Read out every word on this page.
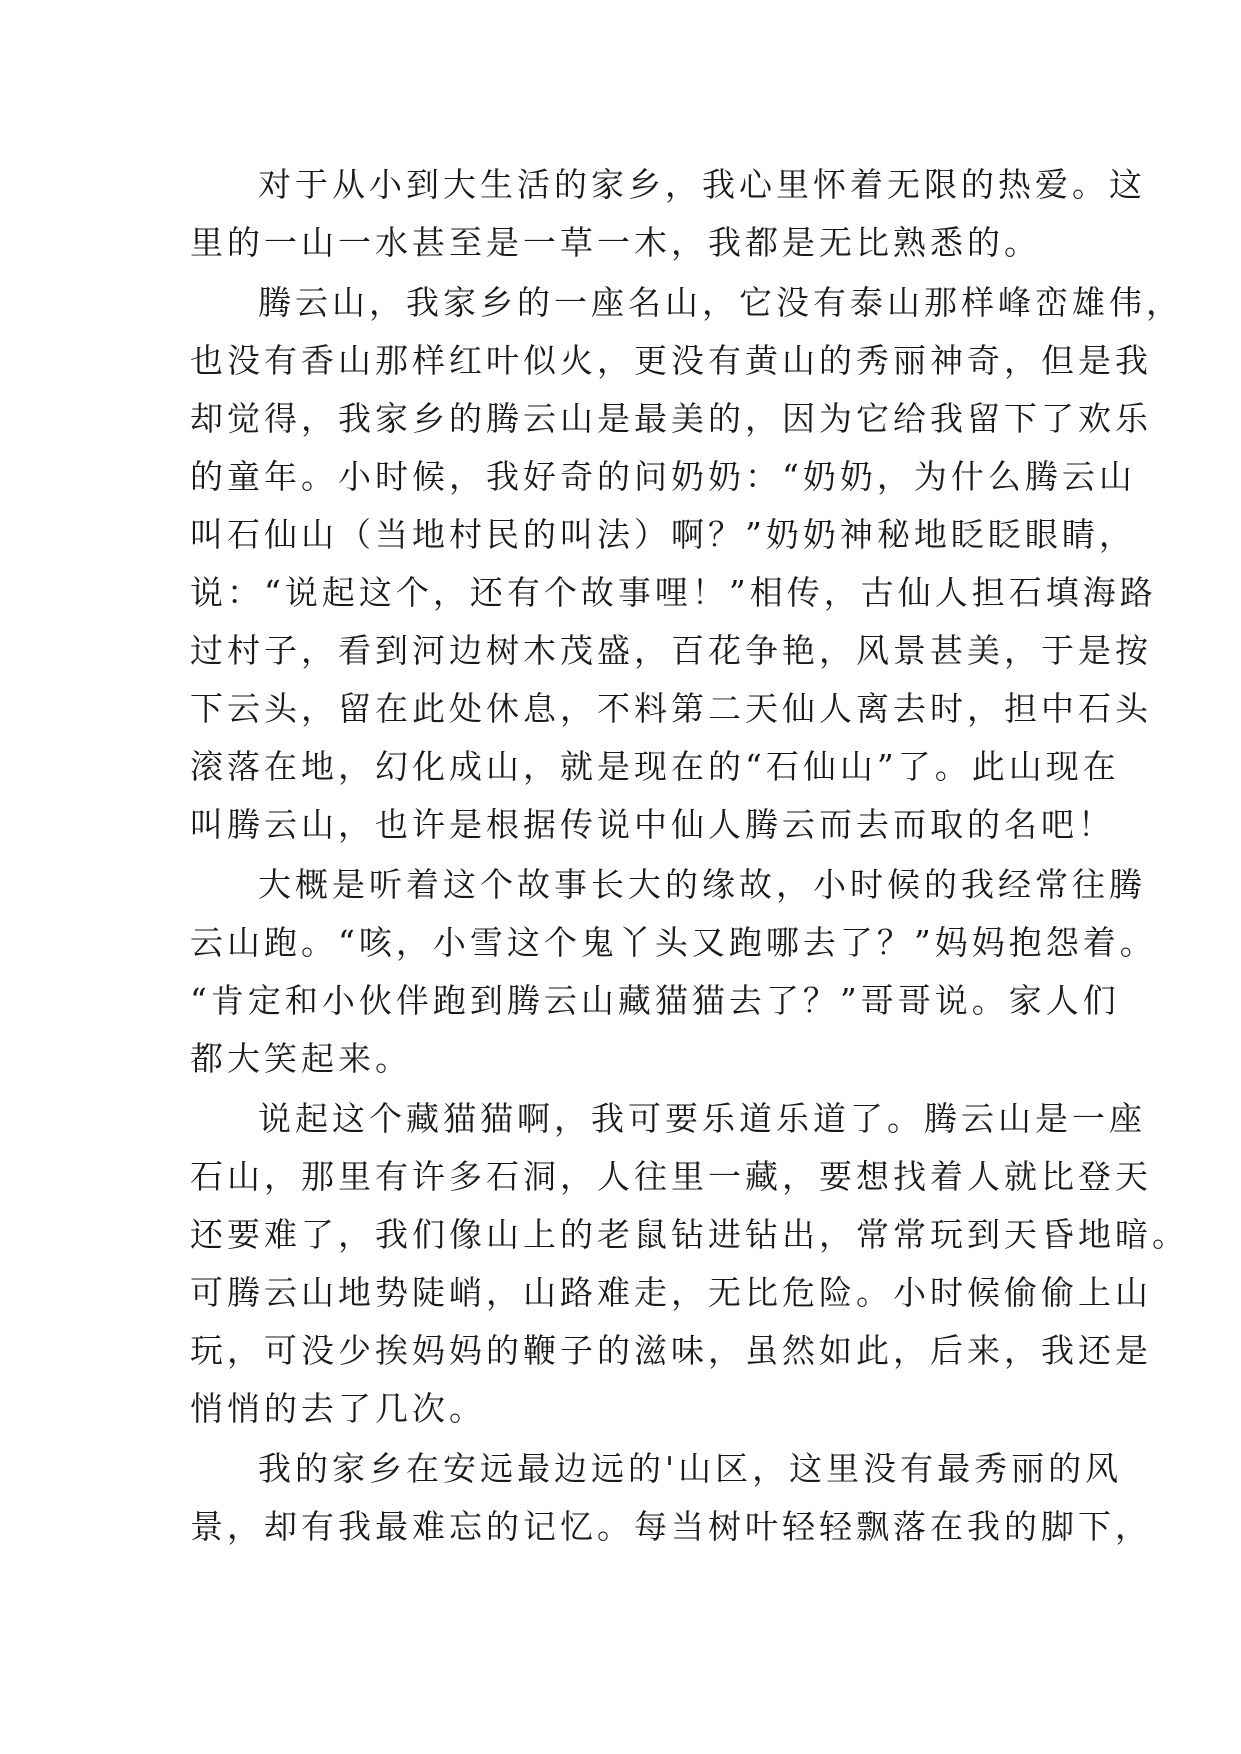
对于从小到大生活的家乡，我心里怀着无限的热爱。这
里的一山一水甚至是一草一木，我都是无比熟悉的。
腾云山，我家乡的一座名山，它没有泰山那样峰峦雄伟，
也没有香山那样红叶似火，更没有黄山的秀丽神奇，但是我
却觉得，我家乡的腾云山是最美的，因为它给我留下了欢乐
的童年。小时候，我好奇的问奶奶：“奶奶，为什么腾云山
叫石仙山（当地村民的叫法）啊？”奶奶神秘地眨眨眼睛，
说：“说起这个，还有个故事哩！”相传，古仙人担石填海路
过村子，看到河边树木茂盛，百花争艳，风景甚美，于是按
下云头，留在此处休息，不料第二天仙人离去时，担中石头
滚落在地，幻化成山，就是现在的“石仙山”了。此山现在
叫腾云山，也许是根据传说中仙人腾云而去而取的名吧！
大概是听着这个故事长大的缘故，小时候的我经常往腾
云山跑。“咳，小雪这个鬼丫头又跑哪去了？”妈妈抱怨着。
“肯定和小伙伴跑到腾云山藏猫猫去了？”哥哥说。家人们
都大笑起来。
说起这个藏猫猫啊，我可要乐道乐道了。腾云山是一座
石山，那里有许多石洞，人往里一藏，要想找着人就比登天
还要难了，我们像山上的老鼠钻进钻出，常常玩到天昏地暗。
可腾云山地势陡峭，山路难走，无比危险。小时候偷偷上山
玩，可没少挨妈妈的鞭子的滋味，虽然如此，后来，我还是
悄悄的去了几次。
我的家乡在安远最边远的'山区，这里没有最秀丽的风
景，却有我最难忘的记忆。每当树叶轻轻飘落在我的脚下，
